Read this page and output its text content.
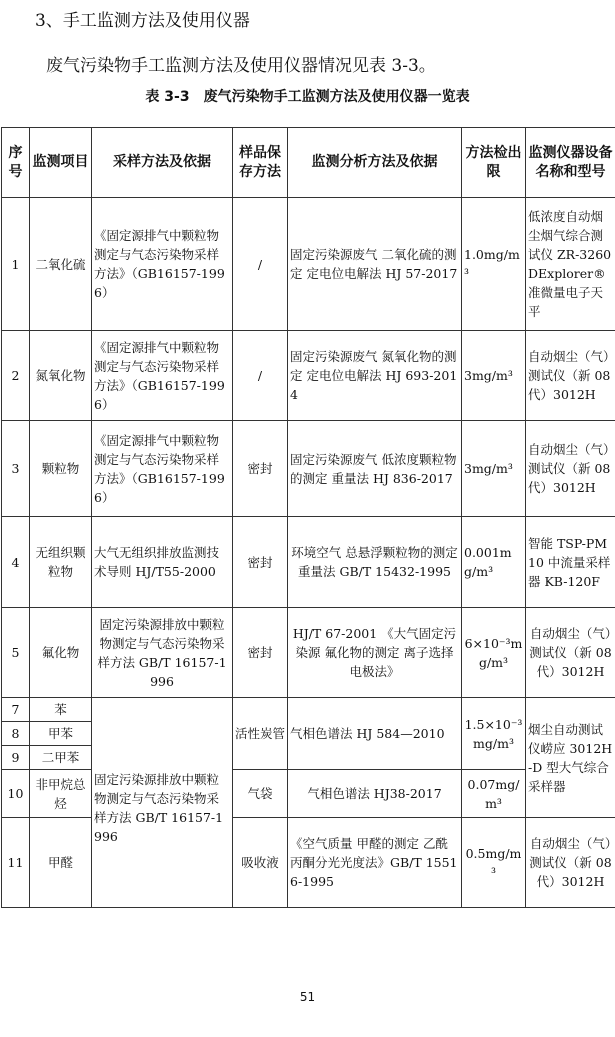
3、手工监测方法及使用仪器
废气污染物手工监测方法及使用仪器情况见表 3-3。
表 3-3　废气污染物手工监测方法及使用仪器一览表
序号	监测项目	采样方法及依据	样品保存方法	监测分析方法及依据	方法检出限	监测仪器设备名称和型号
1	二氧化硫	《固定源排气中颗粒物测定与气态污染物采样方法》（GB16157-1996）	/	固定污染源废气 二氧化硫的测定 定电位电解法 HJ 57-2017	1.0mg/m³	低浓度自动烟尘烟气综合测试仪 ZR-3260DExplorer®准微量电子天平
2	氮氧化物	《固定源排气中颗粒物测定与气态污染物采样方法》（GB16157-1996）	/	固定污染源废气 氮氧化物的测定 定电位电解法 HJ 693-2014	3mg/m³	自动烟尘（气）测试仪（新 08 代）3012H
3	颗粒物	《固定源排气中颗粒物测定与气态污染物采样方法》（GB16157-1996）	密封	固定污染源废气 低浓度颗粒物的测定 重量法 HJ 836-2017	3mg/m³	自动烟尘（气）测试仪（新 08 代）3012H
4	无组织颗粒物	大气无组织排放监测技术导则 HJ/T55-2000	密封	环境空气 总悬浮颗粒物的测定 重量法 GB/T 15432-1995	0.001mg/m³	智能 TSP-PM10 中流量采样器 KB-120F
5	氟化物	固定污染源排放中颗粒物测定与气态污染物采样方法 GB/T 16157-1996	密封	HJ/T 67-2001 《大气固定污染源 氟化物的测定 离子选择电极法》	6×10⁻³mg/m³	自动烟尘（气）测试仪（新 08 代）3012H
7	苯	固定污染源排放中颗粒物测定与气态污染物采样方法 GB/T 16157-1996	活性炭管	气相色谱法 HJ 584—2010	1.5×10⁻³mg/m³	烟尘自动测试仪崂应 3012H-D 型大气综合采样器
8	甲苯					
9	二甲苯					
10	非甲烷总烃		气袋	气相色谱法 HJ38-2017	0.07mg/m³	
11	甲醛		吸收液	《空气质量 甲醛的测定 乙酰丙酮分光光度法》GB/T 15516-1995	0.5mg/m³	自动烟尘（气）测试仪（新 08 代）3012H
51
